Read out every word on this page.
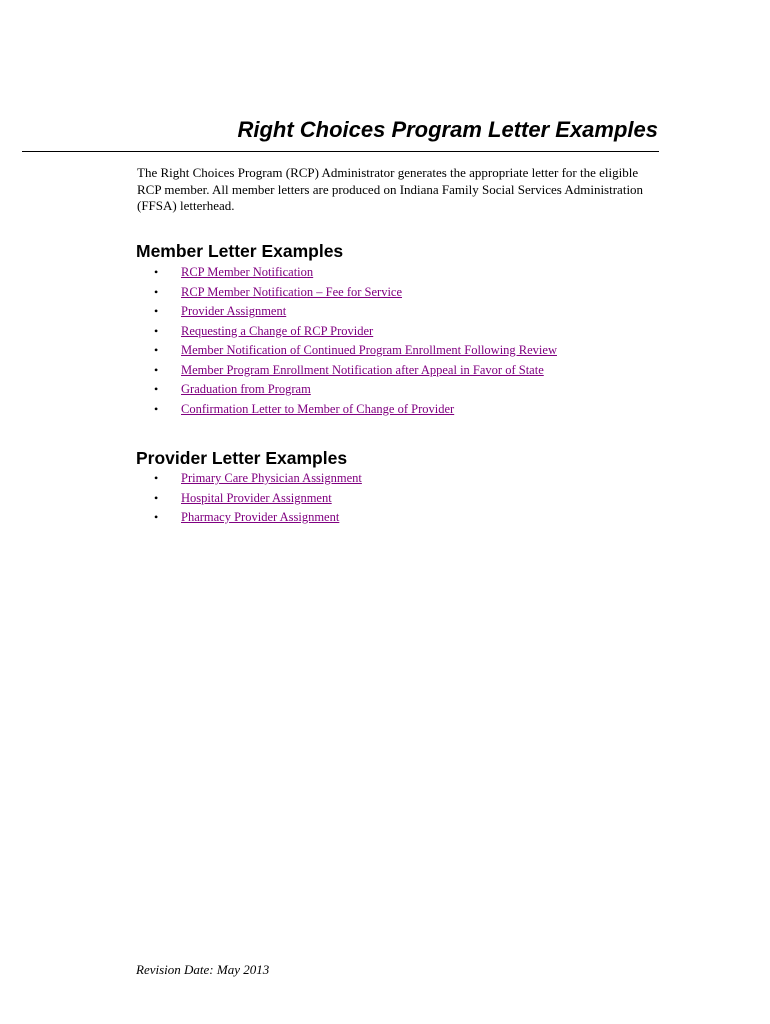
Right Choices Program Letter Examples

The Right Choices Program (RCP) Administrator generates the appropriate letter for the eligible RCP member. All member letters are produced on Indiana Family Social Services Administration (FFSA) letterhead.

Member Letter Examples
• RCP Member Notification
• RCP Member Notification – Fee for Service
• Provider Assignment
• Requesting a Change of RCP Provider
• Member Notification of Continued Program Enrollment Following Review
• Member Program Enrollment Notification after Appeal in Favor of State
• Graduation from Program
• Confirmation Letter to Member of Change of Provider
Provider Letter Examples
• Primary Care Physician Assignment
• Hospital Provider Assignment
• Pharmacy Provider Assignment

Revision Date: May 2013
